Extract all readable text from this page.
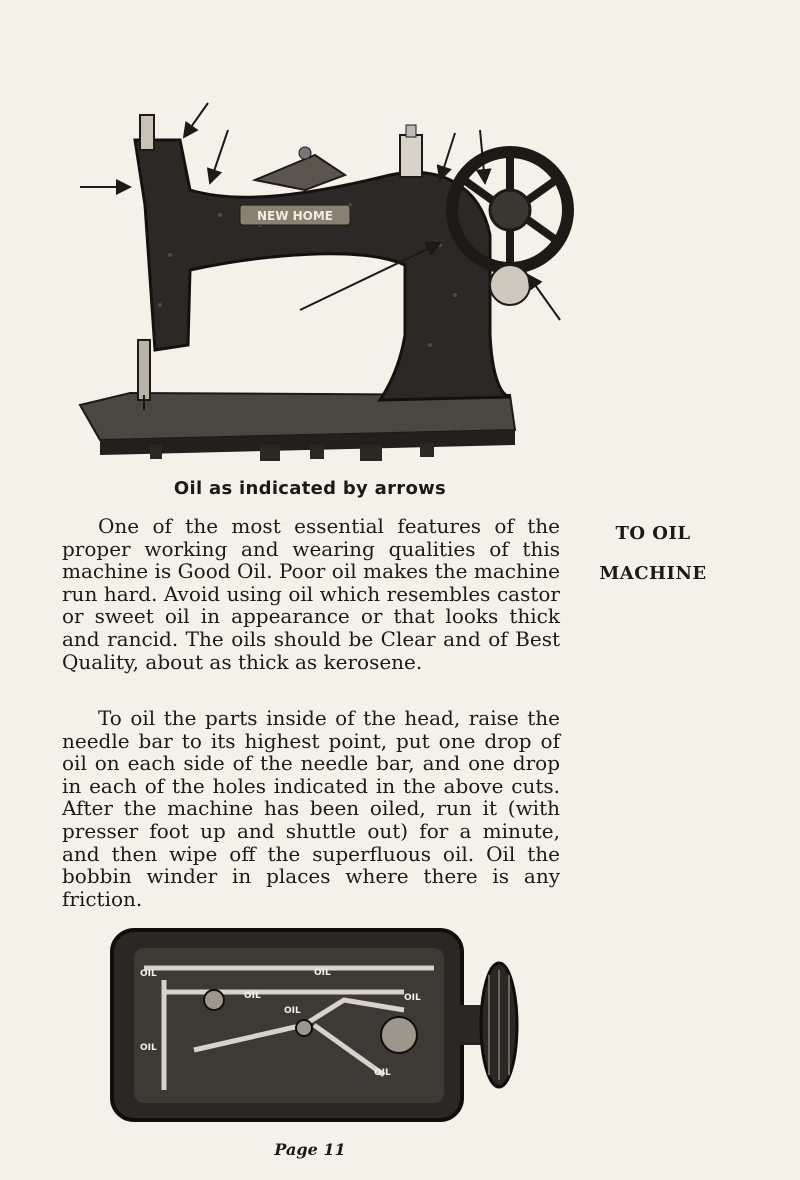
NEW HOME
Oil as indicated by arrows

One of the most essential features of the proper working and wearing qualities of this machine is Good Oil. Poor oil makes the machine run hard. Avoid using oil which resembles castor or sweet oil in appearance or that looks thick and rancid. The oils should be Clear and of Best Quality, about as thick as kerosene.

To oil the parts inside of the head, raise the needle bar to its highest point, put one drop of oil on each side of the needle bar, and one drop in each of the holes indicated in the above cuts. After the machine has been oiled, run it (with presser foot up and shuttle out) for a minute, and then wipe off the superfluous oil. Oil the bobbin winder in places where there is any friction.

TO OIL
MACHINE
OIL	OIL
OIL	OIL
OIL
OIL
OIL
Page 11
